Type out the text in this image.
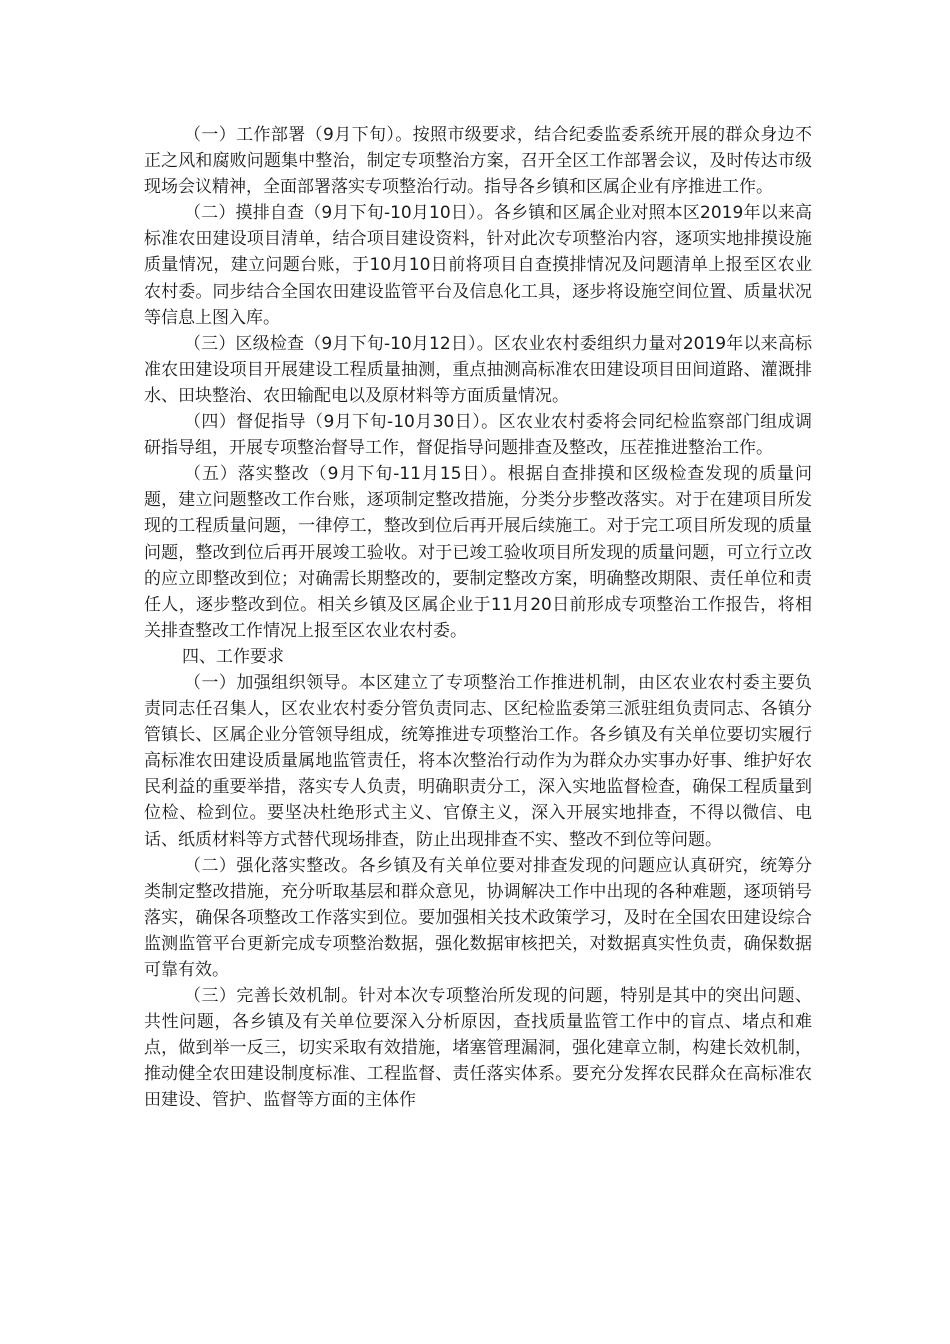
（一）工作部署（9月下旬）。按照市级要求，结合纪委监委系统开展的群众身边不正之风和腐败问题集中整治，制定专项整治方案，召开全区工作部署会议，及时传达市级现场会议精神，全面部署落实专项整治行动。指导各乡镇和区属企业有序推进工作。

（二）摸排自查（9月下旬-10月10日）。各乡镇和区属企业对照本区2019年以来高标准农田建设项目清单，结合项目建设资料，针对此次专项整治内容，逐项实地排摸设施质量情况，建立问题台账，于10月10日前将项目自查摸排情况及问题清单上报至区农业农村委。同步结合全国农田建设监管平台及信息化工具，逐步将设施空间位置、质量状况等信息上图入库。

（三）区级检查（9月下旬-10月12日）。区农业农村委组织力量对2019年以来高标准农田建设项目开展建设工程质量抽测，重点抽测高标准农田建设项目田间道路、灌溉排水、田块整治、农田输配电以及原材料等方面质量情况。

（四）督促指导（9月下旬-10月30日）。区农业农村委将会同纪检监察部门组成调研指导组，开展专项整治督导工作，督促指导问题排查及整改，压茬推进整治工作。

（五）落实整改（9月下旬-11月15日）。根据自查排摸和区级检查发现的质量问题，建立问题整改工作台账，逐项制定整改措施，分类分步整改落实。对于在建项目所发现的工程质量问题，一律停工，整改到位后再开展后续施工。对于完工项目所发现的质量问题，整改到位后再开展竣工验收。对于已竣工验收项目所发现的质量问题，可立行立改的应立即整改到位；对确需长期整改的，要制定整改方案，明确整改期限、责任单位和责任人，逐步整改到位。相关乡镇及区属企业于11月20日前形成专项整治工作报告，将相关排查整改工作情况上报至区农业农村委。

四、工作要求

（一）加强组织领导。本区建立了专项整治工作推进机制，由区农业农村委主要负责同志任召集人，区农业农村委分管负责同志、区纪检监委第三派驻组负责同志、各镇分管镇长、区属企业分管领导组成，统筹推进专项整治工作。各乡镇及有关单位要切实履行高标准农田建设质量属地监管责任，将本次整治行动作为为群众办实事办好事、维护好农民利益的重要举措，落实专人负责，明确职责分工，深入实地监督检查，确保工程质量到位检、检到位。要坚决杜绝形式主义、官僚主义，深入开展实地排查，不得以微信、电话、纸质材料等方式替代现场排查，防止出现排查不实、整改不到位等问题。

（二）强化落实整改。各乡镇及有关单位要对排查发现的问题应认真研究，统筹分类制定整改措施，充分听取基层和群众意见，协调解决工作中出现的各种难题，逐项销号落实，确保各项整改工作落实到位。要加强相关技术政策学习，及时在全国农田建设综合监测监管平台更新完成专项整治数据，强化数据审核把关，对数据真实性负责，确保数据可靠有效。

（三）完善长效机制。针对本次专项整治所发现的问题，特别是其中的突出问题、共性问题，各乡镇及有关单位要深入分析原因，查找质量监管工作中的盲点、堵点和难点，做到举一反三，切实采取有效措施，堵塞管理漏洞，强化建章立制，构建长效机制，推动健全农田建设制度标准、工程监督、责任落实体系。要充分发挥农民群众在高标准农田建设、管护、监督等方面的主体作
